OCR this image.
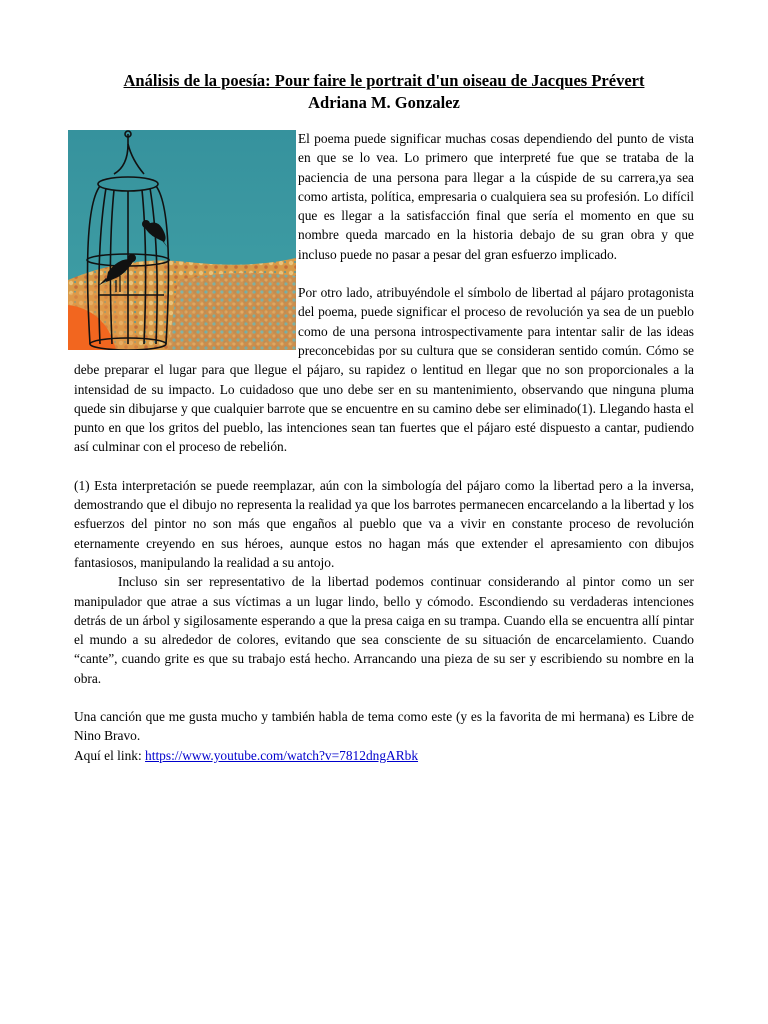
Análisis de la poesía: Pour faire le portrait d'un oiseau de Jacques Prévert
Adriana M. Gonzalez

El poema puede significar muchas cosas dependiendo del punto de vista en que se lo vea. Lo primero que interpreté fue que se trataba de la paciencia de una persona para llegar a la cúspide de su carrera,ya sea como artista, política, empresaria o cualquiera sea su profesión. Lo difícil que es llegar a la satisfacción final que sería el momento en que su nombre queda marcado en la historia debajo de su gran obra y que incluso puede no pasar a pesar del gran esfuerzo implicado.

Por otro lado, atribuyéndole el símbolo de libertad al pájaro protagonista del poema, puede significar el proceso de revolución ya sea de un pueblo como de una persona introspectivamente para intentar salir de las ideas preconcebidas por su cultura que se consideran sentido común. Cómo se debe preparar el lugar para que llegue el pájaro, su rapidez o lentitud en llegar que no son proporcionales a la intensidad de su impacto. Lo cuidadoso que uno debe ser en su mantenimiento, observando que ninguna pluma quede sin dibujarse y que cualquier barrote que se encuentre en su camino debe ser eliminado(1). Llegando hasta el punto en que los gritos del pueblo, las intenciones sean tan fuertes que el pájaro esté dispuesto a cantar, pudiendo así culminar con el proceso de rebelión.

(1) Esta interpretación se puede reemplazar, aún con la simbología del pájaro como la libertad pero a la inversa, demostrando que el dibujo no representa la realidad ya que los barrotes permanecen encarcelando a la libertad y los esfuerzos del pintor no son más que engaños al pueblo que va a vivir en constante proceso de revolución eternamente creyendo en sus héroes, aunque estos no hagan más que extender el apresamiento con dibujos fantasiosos, manipulando la realidad a su antojo.

Incluso sin ser representativo de la libertad podemos continuar considerando al pintor como un ser manipulador que atrae a sus víctimas a un lugar lindo, bello y cómodo. Escondiendo su verdaderas intenciones detrás de un árbol y sigilosamente esperando a que la presa caiga en su trampa. Cuando ella se encuentra allí pintar el mundo a su alrededor de colores, evitando que sea consciente de su situación de encarcelamiento. Cuando “cante”, cuando grite es que su trabajo está hecho. Arrancando una pieza de su ser y escribiendo su nombre en la obra.

Una canción que me gusta mucho y también habla de tema como este (y es la favorita de mi hermana) es Libre de Nino Bravo.

Aquí el link: https://www.youtube.com/watch?v=7812dngARbk
